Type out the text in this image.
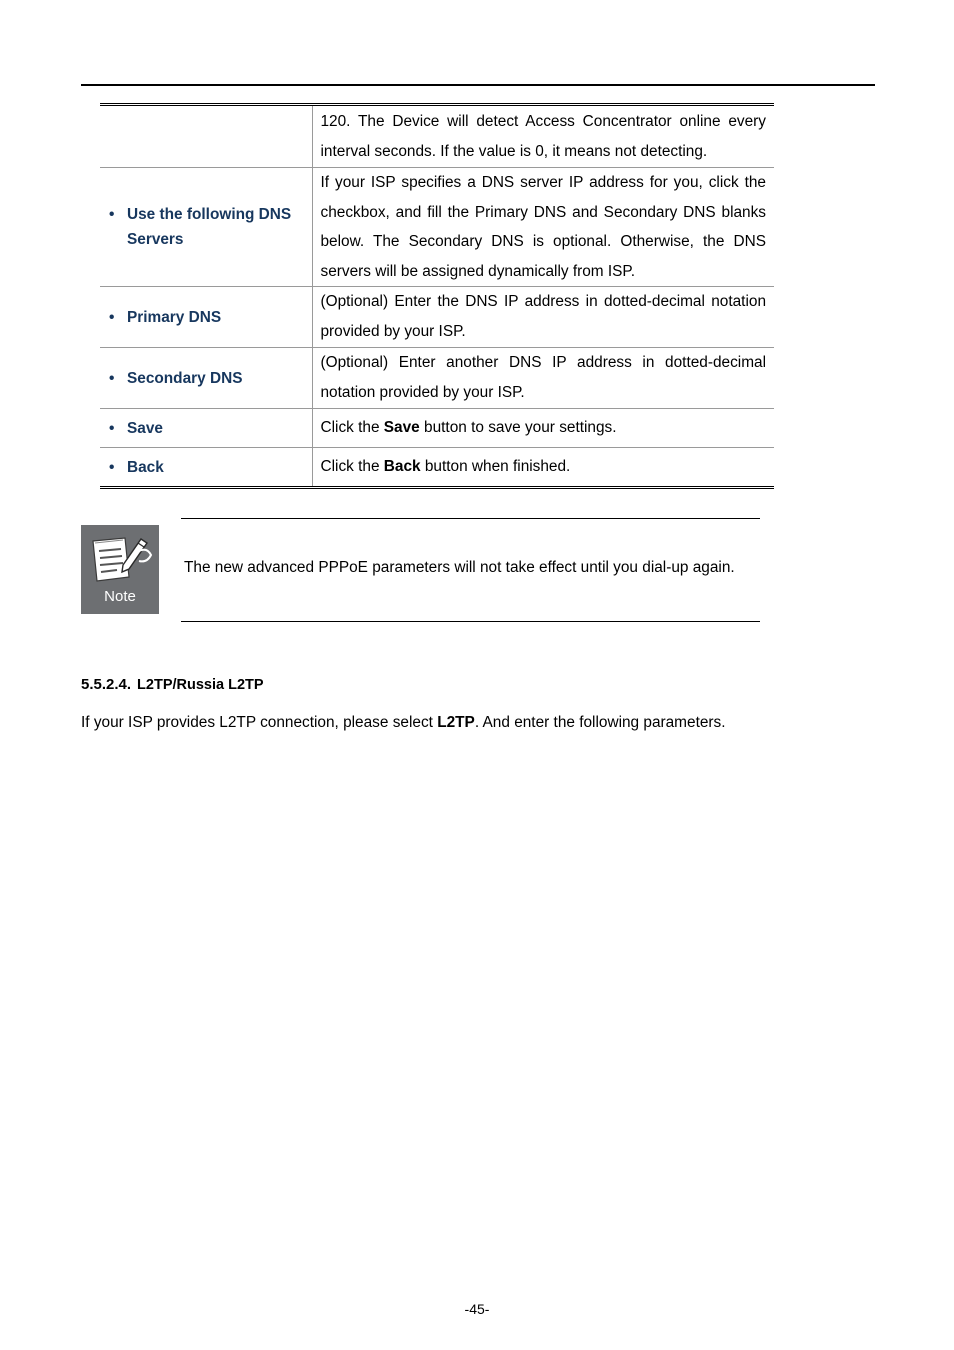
	120. The Device will detect Access Concentrator online every interval seconds. If the value is 0, it means not detecting.

• Use the following DNS Servers	If your ISP specifies a DNS server IP address for you, click the checkbox, and fill the Primary DNS and Secondary DNS blanks below. The Secondary DNS is optional. Otherwise, the DNS servers will be assigned dynamically from ISP.

• Primary DNS	(Optional) Enter the DNS IP address in dotted-decimal notation provided by your ISP.

• Secondary DNS	(Optional) Enter another DNS IP address in dotted-decimal notation provided by your ISP.

• Save	Click the Save button to save your settings.

• Back	Click the Back button when finished.
Note
The new advanced PPPoE parameters will not take effect until you dial-up again.
5.5.2.4. L2TP/Russia L2TP
If your ISP provides L2TP connection, please select L2TP. And enter the following parameters.
-45-
